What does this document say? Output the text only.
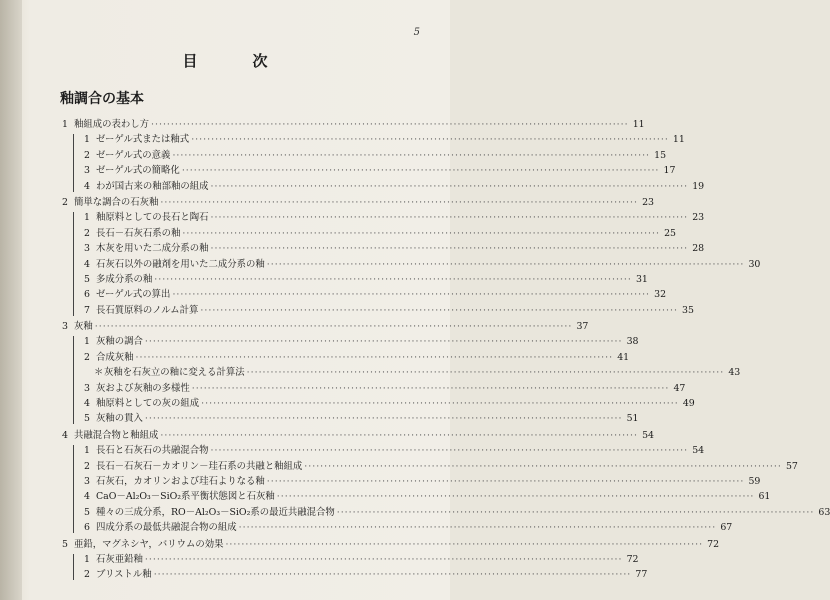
5
目　次
釉調合の基本
1 釉組成の表わし方 ························································································································ 11
1 ゼーゲル式または釉式 ························································································································ 11
2 ゼーゲル式の意義 ························································································································ 15
3 ゼーゲル式の簡略化 ························································································································ 17
4 わが国古来の釉部釉の組成 ························································································································ 19
2 簡単な調合の石灰釉 ························································································································ 23
1 釉原料としての長石と陶石 ························································································································ 23
2 長石－石灰石系の釉 ························································································································ 25
3 木灰を用いた二成分系の釉 ························································································································ 28
4 石灰石以外の融剤を用いた二成分系の釉 ························································································································ 30
5 多成分系の釉 ························································································································ 31
6 ゼーゲル式の算出 ························································································································ 32
7 長石質原料のノルム計算 ························································································································ 35
3 灰釉 ························································································································ 37
1 灰釉の調合 ························································································································ 38
2 合成灰釉 ························································································································ 41
＊ 灰釉を石灰立の釉に変える計算法 ························································································································ 43
3 灰および灰釉の多様性 ························································································································ 47
4 釉原料としての灰の組成 ························································································································ 49
5 灰釉の貫入 ························································································································ 51
4 共融混合物と釉組成 ························································································································ 54
1 長石と石灰石の共融混合物 ························································································································ 54
2 長石－石灰石－カオリン－珪石系の共融と釉組成 ························································································································ 57
3 石灰石，カオリンおよび珪石よりなる釉 ························································································································ 59
4 CaO－Al₂O₃－SiO₂系平衡状態図と石灰釉 ························································································································ 61
5 種々の三成分系，RO－Al₂O₃－SiO₂系の最近共融混合物 ························································································································ 63
6 四成分系の最低共融混合物の組成 ························································································································ 67
5 亜鉛，マグネシヤ，バリウムの効果 ························································································································ 72
1 石灰亜鉛釉 ························································································································ 72
2 ブリストル釉 ························································································································ 77
